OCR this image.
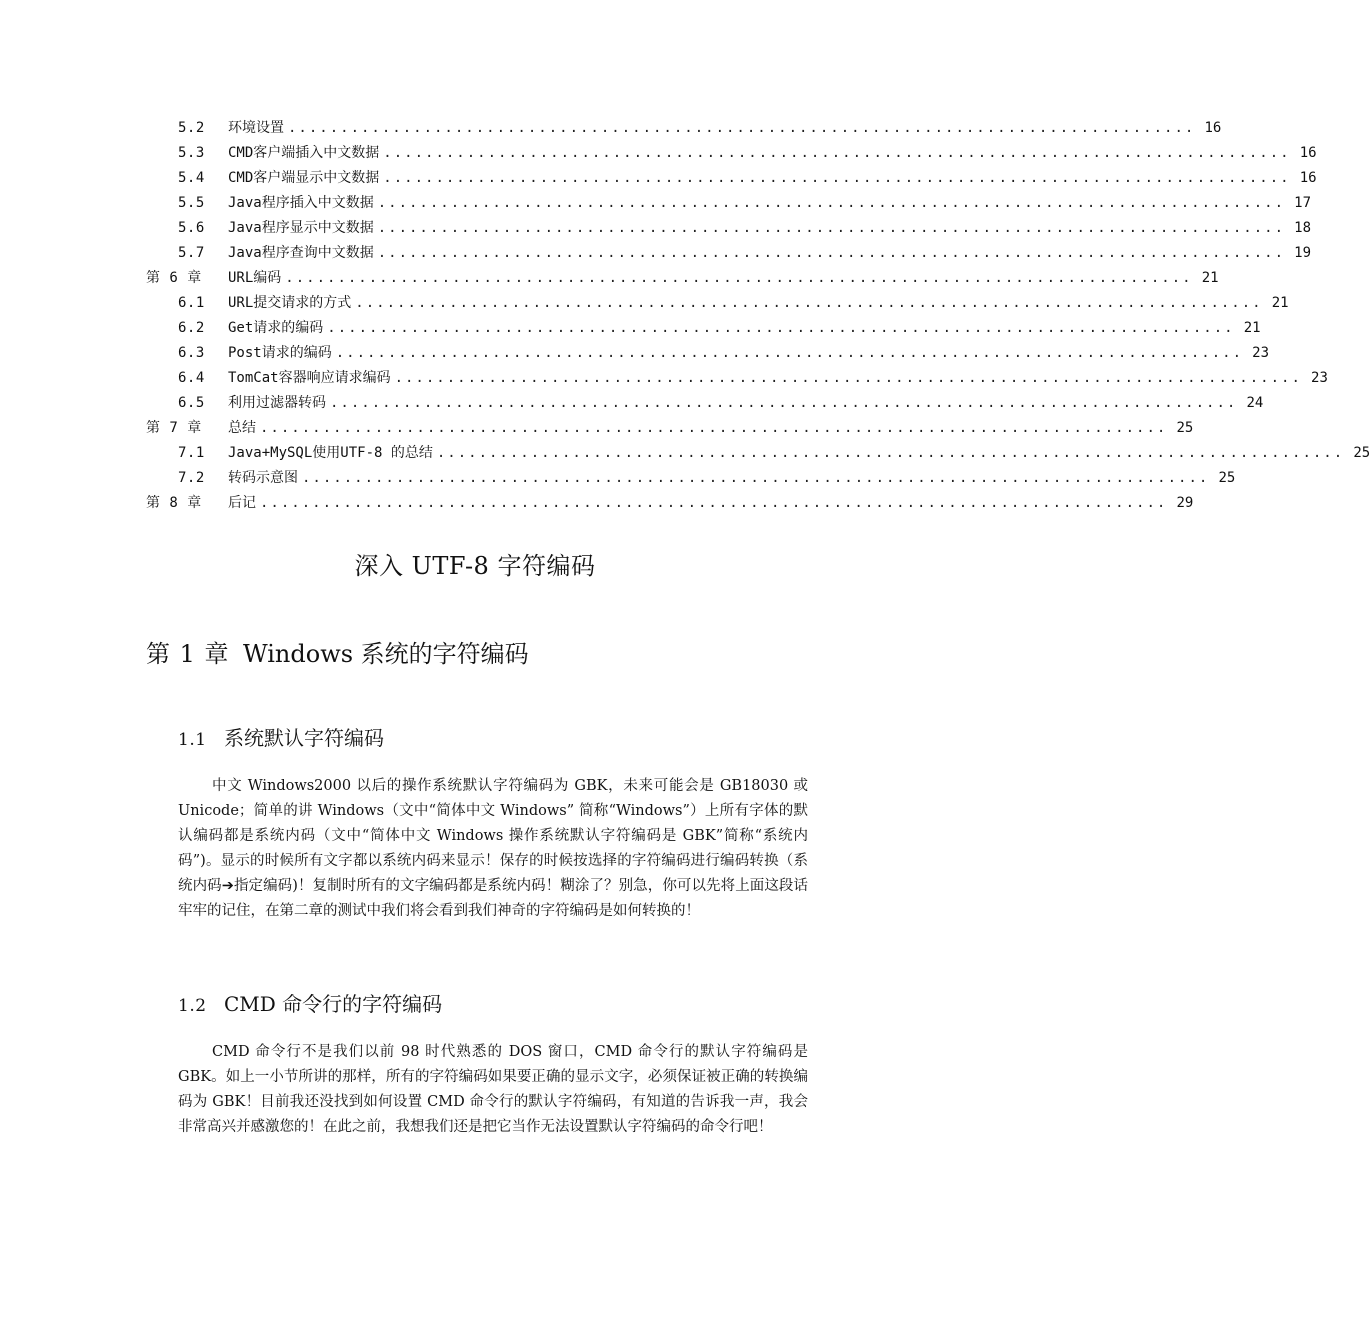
5.2	环境设置 ....................................................................................... 16
5.3	CMD客户端插入中文数据 ....................................................................................... 16
5.4	CMD客户端显示中文数据 ....................................................................................... 16
5.5	Java程序插入中文数据 ....................................................................................... 17
5.6	Java程序显示中文数据 ....................................................................................... 18
5.7	Java程序查询中文数据 ....................................................................................... 19
第 6 章	URL编码 ....................................................................................... 21
6.1	URL提交请求的方式 ....................................................................................... 21
6.2	Get请求的编码 ....................................................................................... 21
6.3	Post请求的编码 ....................................................................................... 23
6.4	TomCat容器响应请求编码 ....................................................................................... 23
6.5	利用过滤器转码 ....................................................................................... 24
第 7 章	总结 ....................................................................................... 25
7.1	Java+MySQL使用UTF-8 的总结 ....................................................................................... 25
7.2	转码示意图 ....................................................................................... 25
第 8 章	后记 ....................................................................................... 29
深入 UTF-8 字符编码
第 1 章 Windows 系统的字符编码
1.1 系统默认字符编码

中文 Windows2000 以后的操作系统默认字符编码为 GBK，未来可能会是 GB18030 或 Unicode；简单的讲 Windows（文中“简体中文 Windows” 简称“Windows”）上所有字体的默认编码都是系统内码（文中“简体中文 Windows 操作系统默认字符编码是 GBK”简称“系统内码”)。显示的时候所有文字都以系统内码来显示！保存的时候按选择的字符编码进行编码转换（系统内码➔指定编码)！复制时所有的文字编码都是系统内码！糊涂了？别急，你可以先将上面这段话牢牢的记住，在第二章的测试中我们将会看到我们神奇的字符编码是如何转换的！

1.2 CMD 命令行的字符编码

CMD 命令行不是我们以前 98 时代熟悉的 DOS 窗口，CMD 命令行的默认字符编码是 GBK。如上一小节所讲的那样，所有的字符编码如果要正确的显示文字，必须保证被正确的转换编码为 GBK！目前我还没找到如何设置 CMD 命令行的默认字符编码，有知道的告诉我一声，我会非常高兴并感激您的！在此之前，我想我们还是把它当作无法设置默认字符编码的命令行吧！
